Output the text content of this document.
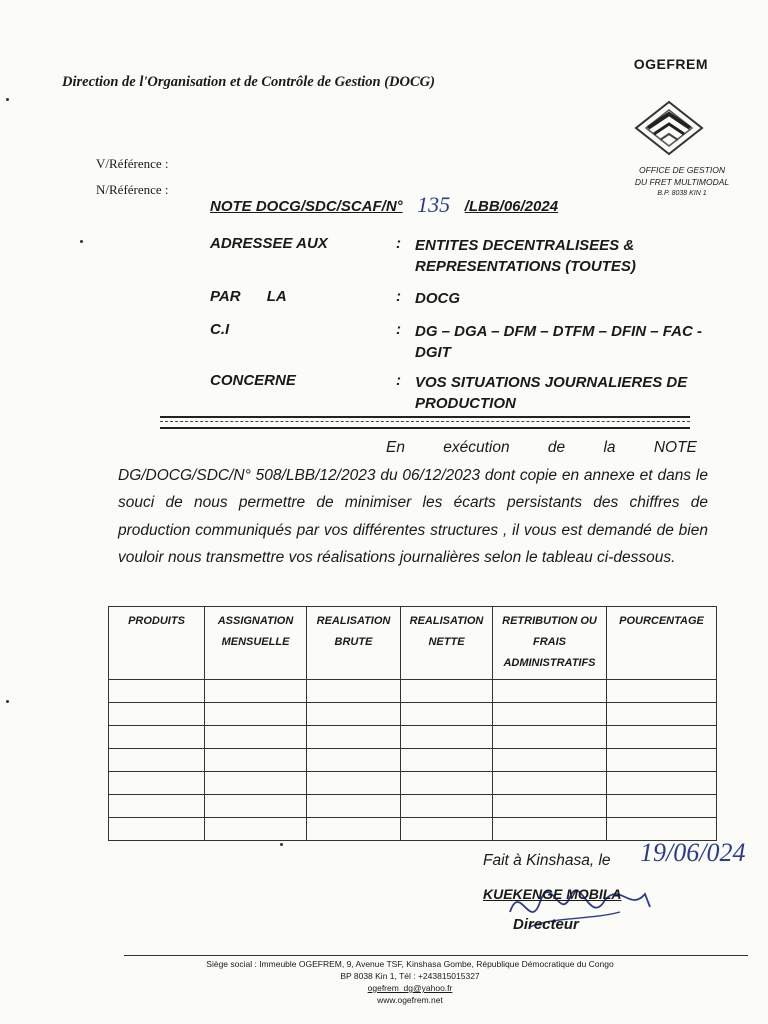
OGEFREM
Direction de l'Organisation et de Contrôle de Gestion (DOCG)
OFFICE DE GESTION
DU FRET MULTIMODAL
B.P. 8038 KIN 1
V/Référence :
N/Référence :
NOTE DOCG/SDC/SCAF/N° 135 /LBB/06/2024
ADRESSEE AUX	: ENTITES DECENTRALISEES & REPRESENTATIONS (TOUTES)
PAR LA	: DOCG
C.I	: DG – DGA – DFM – DTFM – DFIN – FAC - DGIT
CONCERNE	: VOS SITUATIONS JOURNALIERES DE PRODUCTION
En exécution de la NOTE
DG/DOCG/SDC/N° 508/LBB/12/2023 du 06/12/2023 dont copie en annexe et dans le souci de nous permettre de minimiser les écarts persistants des chiffres de production communiqués par vos différentes structures , il vous est demandé de bien vouloir nous transmettre vos réalisations journalières selon le tableau ci-dessous.
PRODUITS	ASSIGNATION MENSUELLE	REALISATION BRUTE	REALISATION NETTE	RETRIBUTION OU FRAIS ADMINISTRATIFS	POURCENTAGE

Fait à Kinshasa, le 19/06/024
KUEKENGE MOBILA
Directeur
Siège social : Immeuble OGEFREM, 9, Avenue TSF, Kinshasa Gombe, République Démocratique du Congo
BP 8038 Kin 1, Tél : +243815015327
ogefrem_dg@yahoo.fr
www.ogefrem.net
